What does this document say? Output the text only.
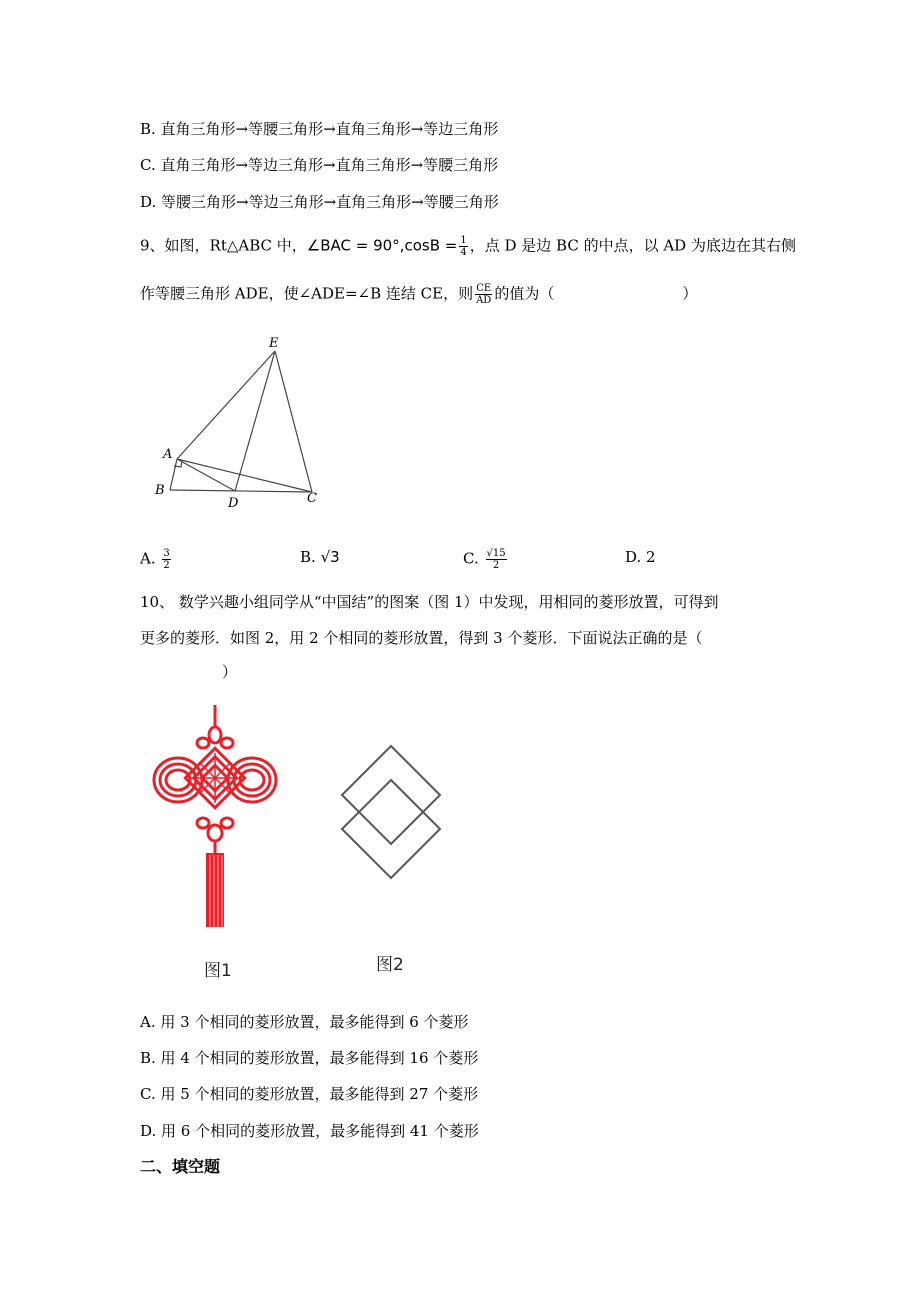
B. 直角三角形→等腰三角形→直角三角形→等边三角形
C. 直角三角形→等边三角形→直角三角形→等腰三角形
D. 等腰三角形→等边三角形→直角三角形→等腰三角形
9、如图，Rt△ABC 中，∠BAC = $90^\circ,\cos B = \frac{1}{4}$ ，点 D 是边 BC 的中点，以 AD 为底边在其右侧
作等腰三角形 ADE，使∠ADE=∠B 连结 CE，则 $\frac{CE}{AD}$ 的值为（	）
E
A
B
D	C
A. $\frac{3}{2}$	B. √3	C. $\frac{√15}{2}$	D. 2
10、 数学兴趣小组同学从“中国结”的图案（图 1）中发现，用相同的菱形放置，可得到
更多的菱形．如图 2，用 2 个相同的菱形放置，得到 3 个菱形．下面说法正确的是（
）
图1	图2
A. 用 3 个相同的菱形放置，最多能得到 6 个菱形
B. 用 4 个相同的菱形放置，最多能得到 16 个菱形
C. 用 5 个相同的菱形放置，最多能得到 27 个菱形
D. 用 6 个相同的菱形放置，最多能得到 41 个菱形
二、填空题
